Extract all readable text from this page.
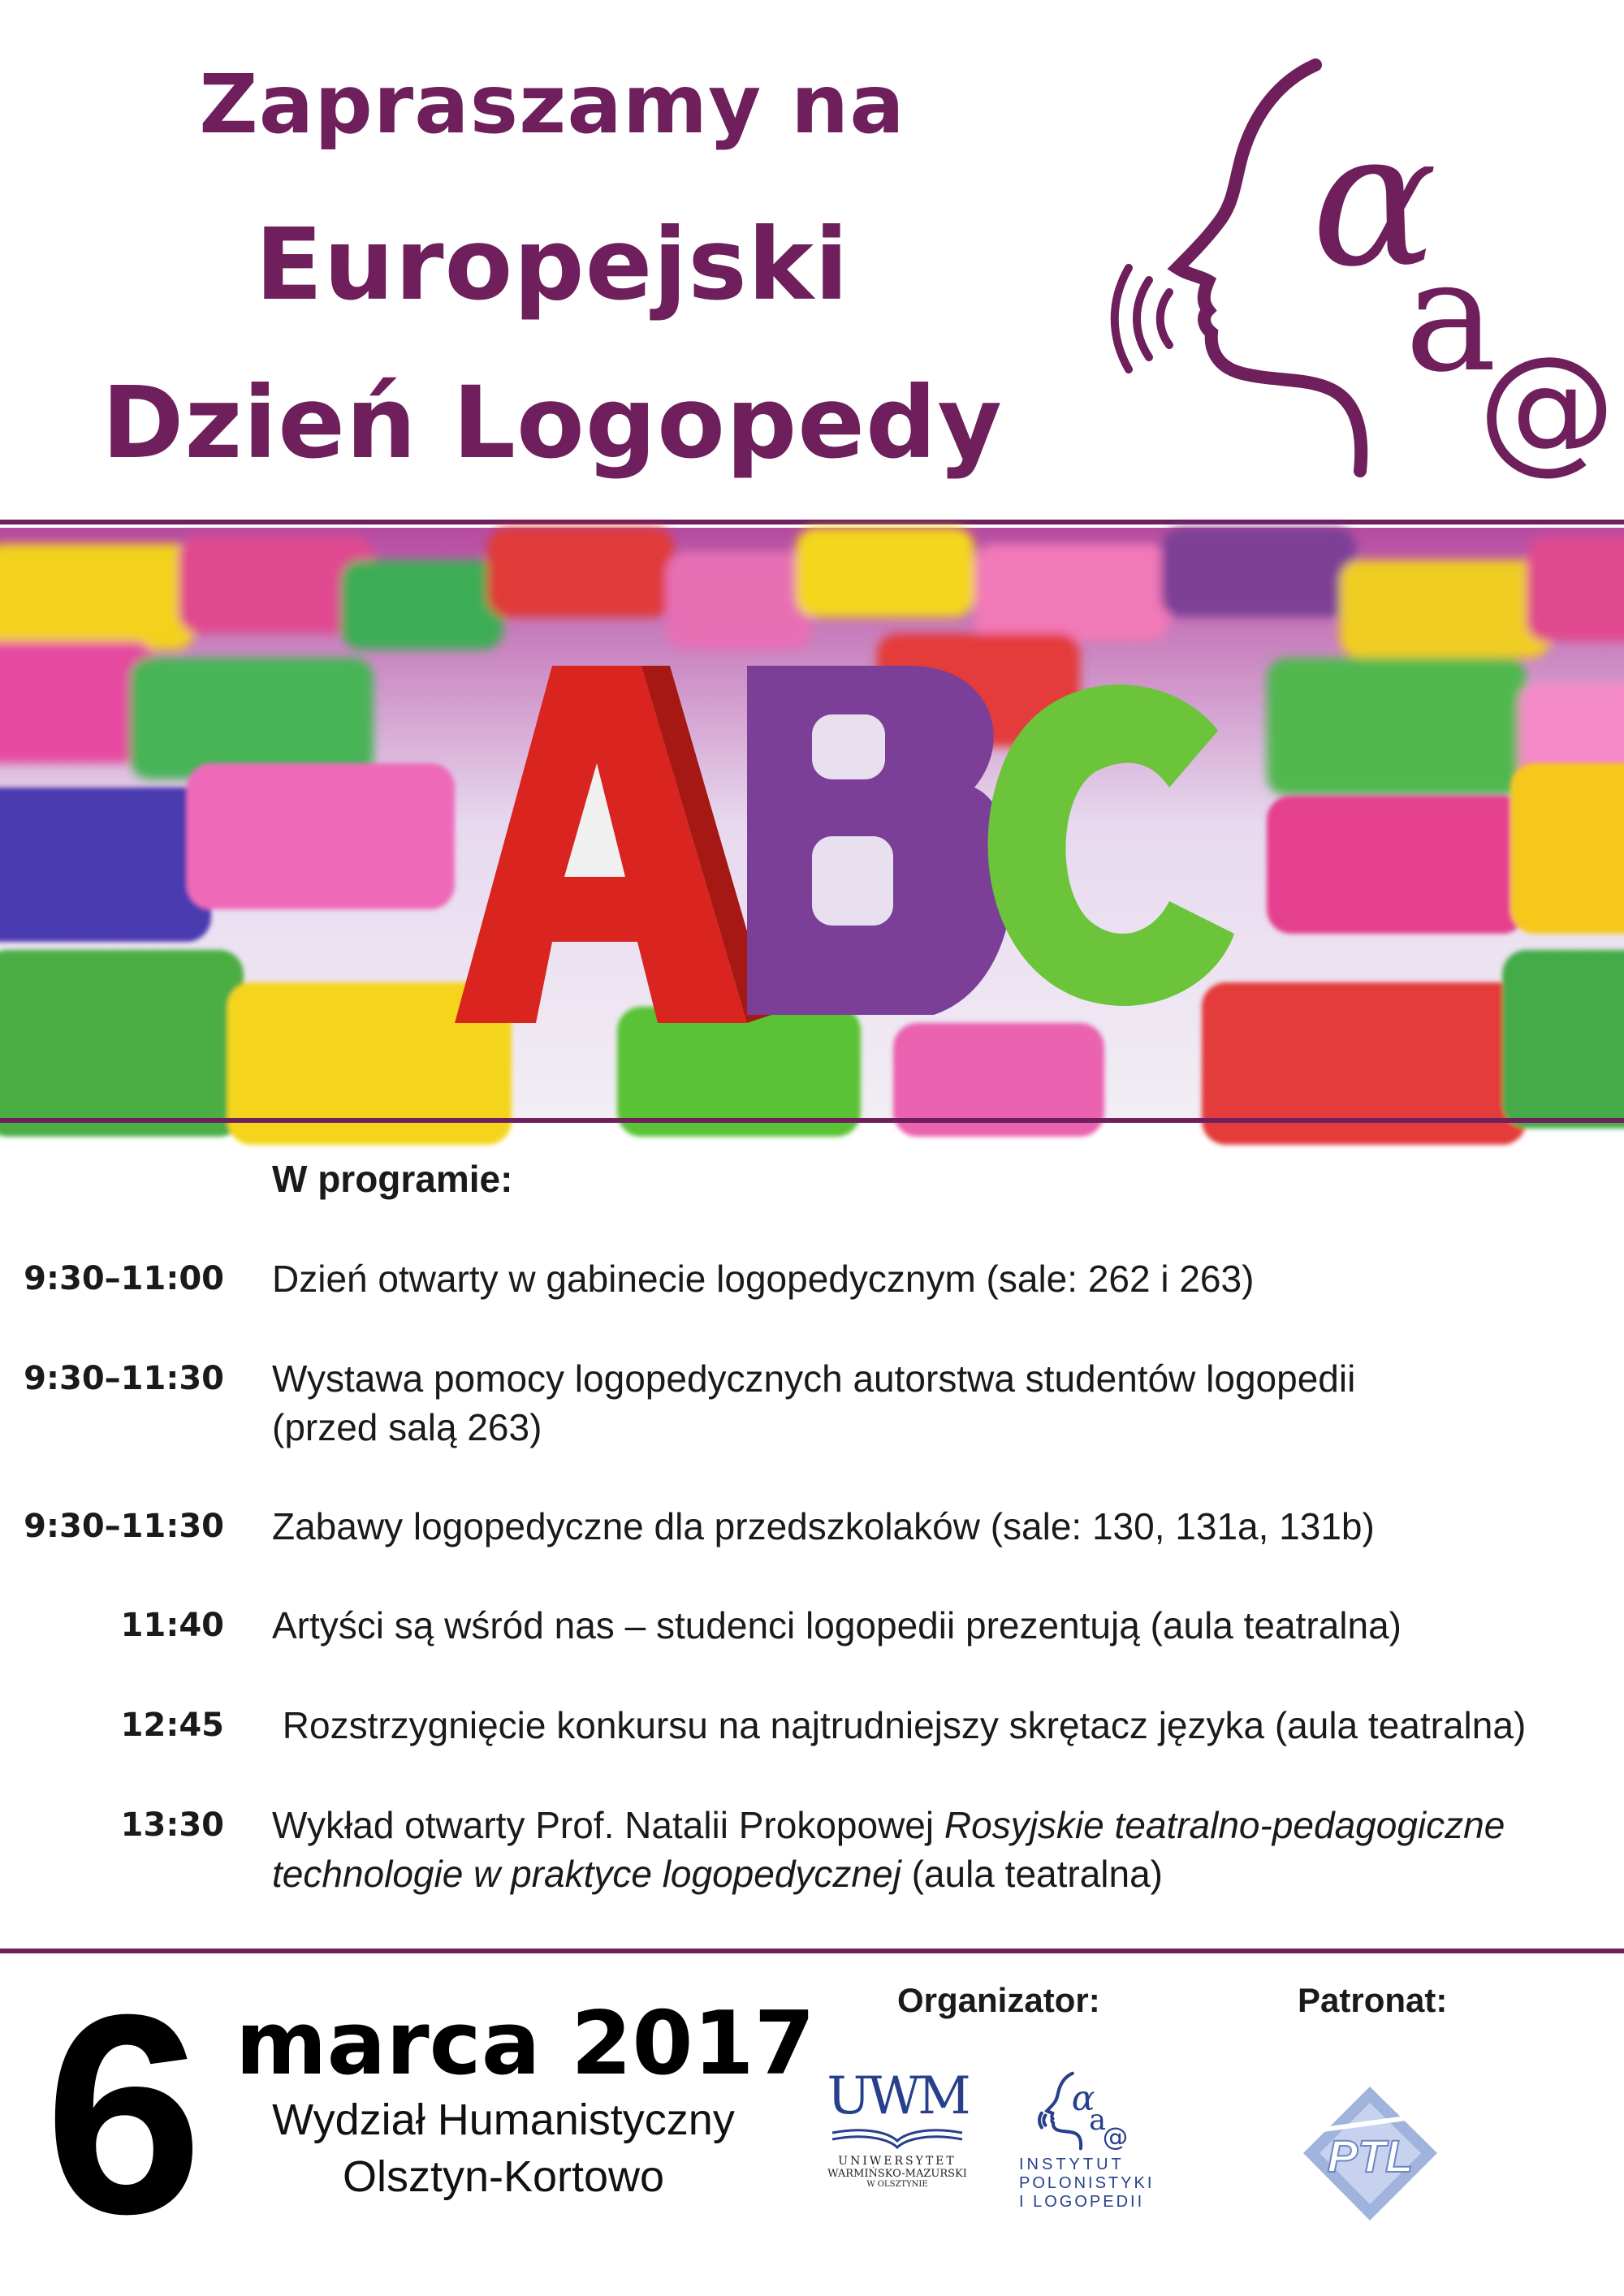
Zapraszamy na
Europejski
Dzień Logopedy
ɑ
a
@
W programie:
9:30–11:00 Dzień otwarty w gabinecie logopedycznym (sale: 262 i 263)
9:30–11:30 Wystawa pomocy logopedycznych autorstwa studentów logopedii
(przed salą 263)
9:30–11:30 Zabawy logopedyczne dla przedszkolaków (sale: 130, 131a, 131b)
11:40 Artyści są wśród nas – studenci logopedii prezentują (aula teatralna)
12:45 Rozstrzygnięcie konkursu na najtrudniejszy skrętacz języka (aula teatralna)
13:30 Wykład otwarty Prof. Natalii Prokopowej Rosyjskie teatralno-pedagogiczne
technologie w praktyce logopedycznej (aula teatralna)
6 marca 2017
Wydział Humanistyczny
Olsztyn-Kortowo
Organizator:	Patronat:
UWM
UNIWERSYTET
WARMIŃSKO-MAZURSKI
W OLSZTYNIE
ɑ
a
@
INSTYTUT
POLONISTYKI
I LOGOPEDII
PTL
